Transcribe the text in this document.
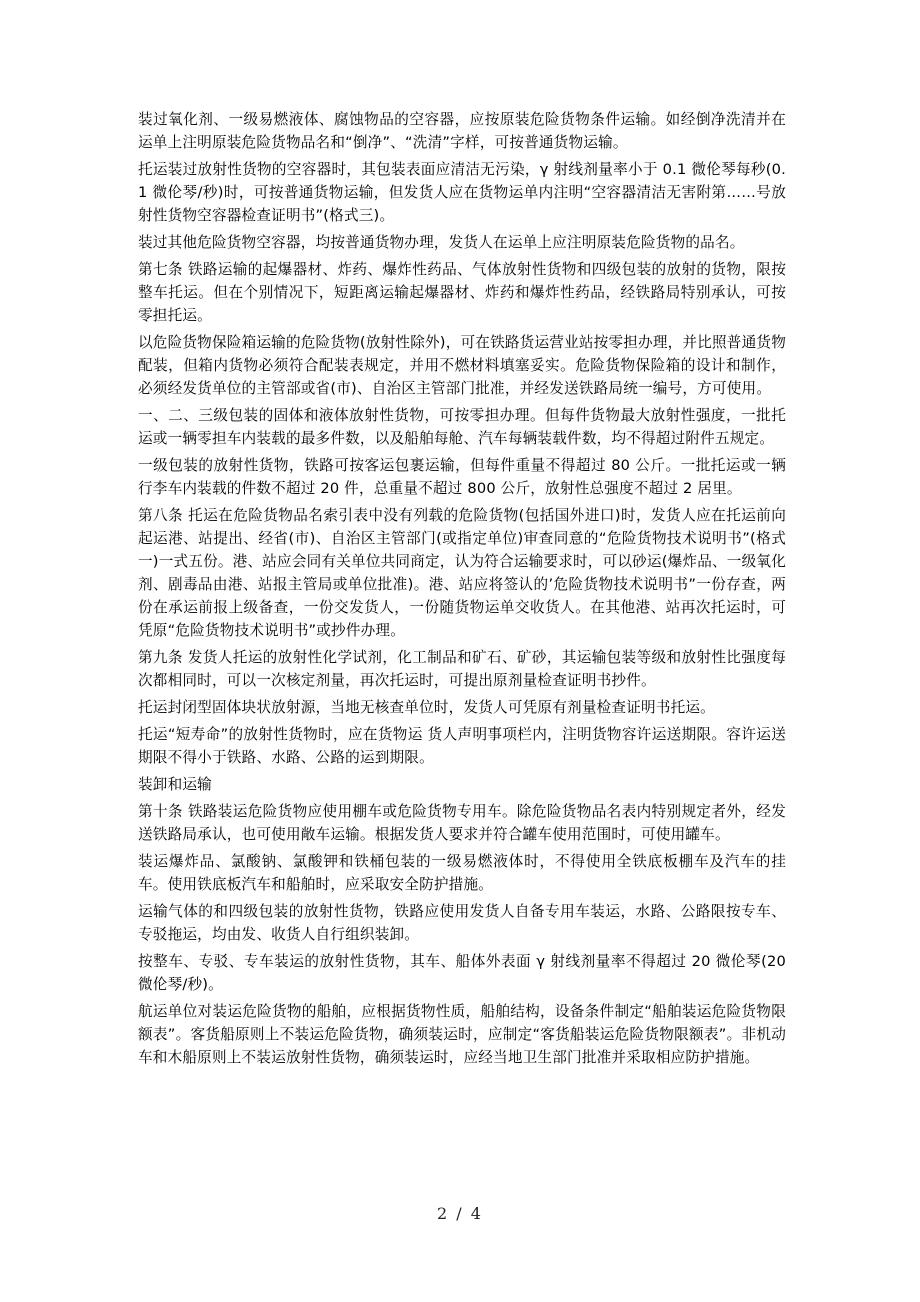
装过氧化剂、一级易燃液体、腐蚀物品的空容器，应按原装危险货物条件运输。如经倒净洗清并在运单上注明原装危险货物品名和“倒净”、“洗清”字样，可按普通货物运输。

托运装过放射性货物的空容器时，其包装表面应清洁无污染，γ 射线剂量率小于 0.1 微伦琴每秒(0.1 微伦琴/秒)时，可按普通货物运输，但发货人应在货物运单内注明“空容器清洁无害附第……号放射性货物空容器检查证明书”(格式三)。

装过其他危险货物空容器，均按普通货物办理，发货人在运单上应注明原装危险货物的品名。

第七条 铁路运输的起爆器材、炸药、爆炸性药品、气体放射性货物和四级包装的放射的货物，限按整车托运。但在个别情况下，短距离运输起爆器材、炸药和爆炸性药品，经铁路局特别承认，可按零担托运。

以危险货物保险箱运输的危险货物(放射性除外)，可在铁路货运营业站按零担办理，并比照普通货物配装，但箱内货物必须符合配装表规定，并用不燃材料填塞妥实。危险货物保险箱的设计和制作，必须经发货单位的主管部或省(市)、自治区主管部门批准，并经发送铁路局统一编号，方可使用。

一、二、三级包装的固体和液体放射性货物，可按零担办理。但每件货物最大放射性强度，一批托运或一辆零担车内装载的最多件数，以及船舶每舱、汽车每辆装载件数，均不得超过附件五规定。

一级包装的放射性货物，铁路可按客运包裹运输，但每件重量不得超过 80 公斤。一批托运或一辆行李车内装载的件数不超过 20 件，总重量不超过 800 公斤，放射性总强度不超过 2 居里。

第八条 托运在危险货物品名索引表中没有列载的危险货物(包括国外进口)时，发货人应在托运前向起运港、站提出、经省(市)、自治区主管部门(或指定单位)审查同意的“危险货物技术说明书”(格式一)一式五份。港、站应会同有关单位共同商定，认为符合运输要求时，可以砂运(爆炸品、一级氧化剂、剧毒品由港、站报主管局或单位批准)。港、站应将签认的’危险货物技术说明书”一份存查，两份在承运前报上级备查，一份交发货人，一份随货物运单交收货人。在其他港、站再次托运时，可凭原“危险货物技术说明书”或抄件办理。

第九条 发货人托运的放射性化学试剂，化工制品和矿石、矿砂，其运输包装等级和放射性比强度每次都相同时，可以一次核定剂量，再次托运时，可提出原剂量检查证明书抄件。

托运封闭型固体块状放射源，当地无核查单位时，发货人可凭原有剂量检查证明书托运。

托运“短寿命”的放射性货物时，应在货物运 货人声明事项栏内，注明货物容许运送期限。容许运送期限不得小于铁路、水路、公路的运到期限。

装卸和运输

第十条 铁路装运危险货物应使用棚车或危险货物专用车。除危险货物品名表内特别规定者外，经发送铁路局承认，也可使用敞车运输。根据发货人要求并符合罐车使用范围时，可使用罐车。

装运爆炸品、氯酸钠、氯酸钾和铁桶包装的一级易燃液体时，不得使用全铁底板棚车及汽车的挂车。使用铁底板汽车和船舶时，应采取安全防护措施。

运输气体的和四级包装的放射性货物，铁路应使用发货人自备专用车装运，水路、公路限按专车、专驳拖运，均由发、收货人自行组织装卸。

按整车、专驳、专车装运的放射性货物，其车、船体外表面 γ 射线剂量率不得超过 20 微伦琴(20 微伦琴/秒)。

航运单位对装运危险货物的船舶，应根据货物性质，船舶结构，设备条件制定“船舶装运危险货物限额表”。客货船原则上不装运危险货物，确须装运时，应制定“客货船装运危险货物限额表”。非机动车和木船原则上不装运放射性货物，确须装运时，应经当地卫生部门批准并采取相应防护措施。

2 / 4
